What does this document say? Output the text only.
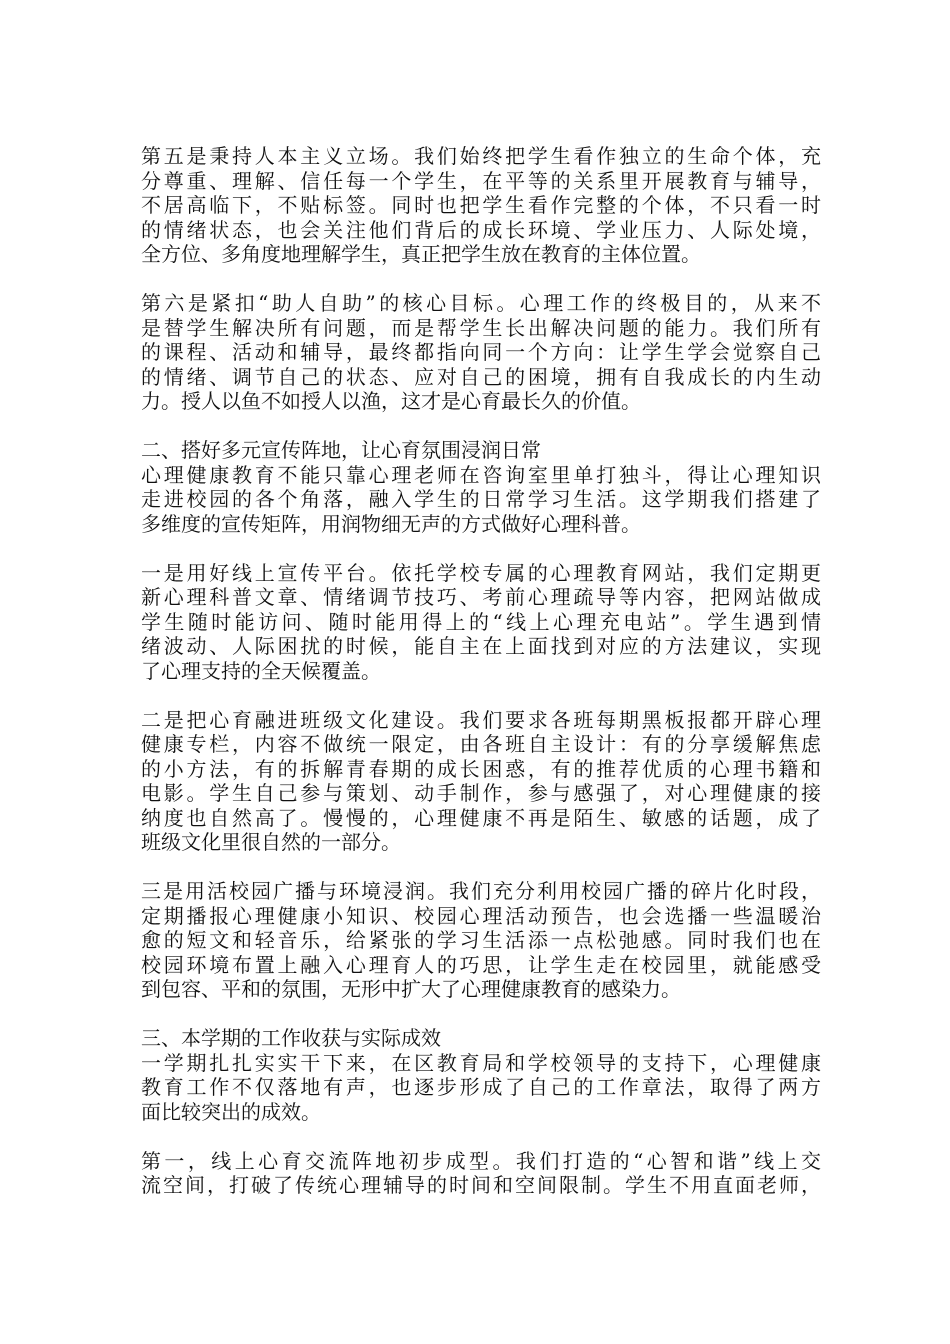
第五是秉持人本主义立场。我们始终把学生看作独立的生命个体，充
分尊重、理解、信任每一个学生，在平等的关系里开展教育与辅导，
不居高临下，不贴标签。同时也把学生看作完整的个体，不只看一时
的情绪状态，也会关注他们背后的成长环境、学业压力、人际处境，
全方位、多角度地理解学生，真正把学生放在教育的主体位置。
第六是紧扣“助人自助”的核心目标。心理工作的终极目的，从来不
是替学生解决所有问题，而是帮学生长出解决问题的能力。我们所有
的课程、活动和辅导，最终都指向同一个方向：让学生学会觉察自己
的情绪、调节自己的状态、应对自己的困境，拥有自我成长的内生动
力。授人以鱼不如授人以渔，这才是心育最长久的价值。
二、搭好多元宣传阵地，让心育氛围浸润日常
心理健康教育不能只靠心理老师在咨询室里单打独斗，得让心理知识
走进校园的各个角落，融入学生的日常学习生活。这学期我们搭建了
多维度的宣传矩阵，用润物细无声的方式做好心理科普。
一是用好线上宣传平台。依托学校专属的心理教育网站，我们定期更
新心理科普文章、情绪调节技巧、考前心理疏导等内容，把网站做成
学生随时能访问、随时能用得上的“线上心理充电站”。学生遇到情
绪波动、人际困扰的时候，能自主在上面找到对应的方法建议，实现
了心理支持的全天候覆盖。
二是把心育融进班级文化建设。我们要求各班每期黑板报都开辟心理
健康专栏，内容不做统一限定，由各班自主设计：有的分享缓解焦虑
的小方法，有的拆解青春期的成长困惑，有的推荐优质的心理书籍和
电影。学生自己参与策划、动手制作，参与感强了，对心理健康的接
纳度也自然高了。慢慢的，心理健康不再是陌生、敏感的话题，成了
班级文化里很自然的一部分。
三是用活校园广播与环境浸润。我们充分利用校园广播的碎片化时段，
定期播报心理健康小知识、校园心理活动预告，也会选播一些温暖治
愈的短文和轻音乐，给紧张的学习生活添一点松弛感。同时我们也在
校园环境布置上融入心理育人的巧思，让学生走在校园里，就能感受
到包容、平和的氛围，无形中扩大了心理健康教育的感染力。
三、本学期的工作收获与实际成效
一学期扎扎实实干下来，在区教育局和学校领导的支持下，心理健康
教育工作不仅落地有声，也逐步形成了自己的工作章法，取得了两方
面比较突出的成效。
第一，线上心育交流阵地初步成型。我们打造的“心智和谐”线上交
流空间，打破了传统心理辅导的时间和空间限制。学生不用直面老师，
